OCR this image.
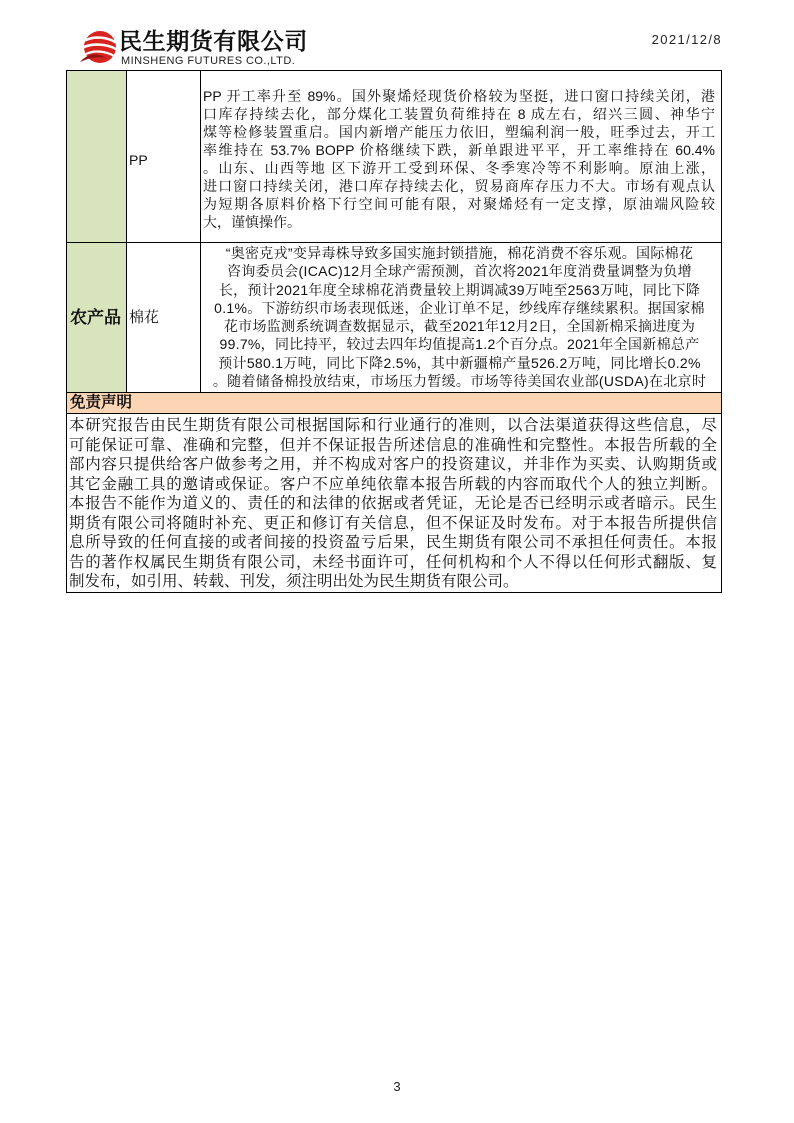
民生期货有限公司
MINSHENG FUTURES CO.,LTD.
2021/12/8
PP
PP 开工率升至 89%。国外聚烯烃现货价格较为坚挺，进口窗口持续关闭，港
口库存持续去化，部分煤化工装置负荷维持在 8 成左右，绍兴三圆、神华宁
煤等检修装置重启。国内新增产能压力依旧，塑编利润一般，旺季过去，开工
率维持在 53.7% BOPP 价格继续下跌，新单跟进平平，开工率维持在 60.4%
。山东、山西等地 区下游开工受到环保、冬季寒冷等不利影响。原油上涨，
进口窗口持续关闭，港口库存持续去化，贸易商库存压力不大。市场有观点认
为短期各原料价格下行空间可能有限，对聚烯烃有一定支撑，原油端风险较
大，谨慎操作。
农产品 棉花
“奥密克戎”变异毒株导致多国实施封锁措施，棉花消费不容乐观。国际棉花
咨询委员会(ICAC)12月全球产需预测，首次将2021年度消费量调整为负增
长，预计2021年度全球棉花消费量较上期调减39万吨至2563万吨，同比下降
0.1%。下游纺织市场表现低迷，企业订单不足，纱线库存继续累积。据国家棉
花市场监测系统调查数据显示，截至2021年12月2日，全国新棉采摘进度为
99.7%，同比持平，较过去四年均值提高1.2个百分点。2021年全国新棉总产
预计580.1万吨，同比下降2.5%，其中新疆棉产量526.2万吨，同比增长0.2%
。随着储备棉投放结束，市场压力暂缓。市场等待美国农业部(USDA)在北京时
免责声明
本研究报告由民生期货有限公司根据国际和行业通行的准则，以合法渠道获得这些信息，尽
可能保证可靠、准确和完整，但并不保证报告所述信息的准确性和完整性。本报告所载的全
部内容只提供给客户做参考之用，并不构成对客户的投资建议，并非作为买卖、认购期货或
其它金融工具的邀请或保证。客户不应单纯依靠本报告所载的内容而取代个人的独立判断。
本报告不能作为道义的、责任的和法律的依据或者凭证，无论是否已经明示或者暗示。民生
期货有限公司将随时补充、更正和修订有关信息，但不保证及时发布。对于本报告所提供信
息所导致的任何直接的或者间接的投资盈亏后果，民生期货有限公司不承担任何责任。本报
告的著作权属民生期货有限公司，未经书面许可，任何机构和个人不得以任何形式翻版、复
制发布，如引用、转载、刊发，须注明出处为民生期货有限公司。
3
